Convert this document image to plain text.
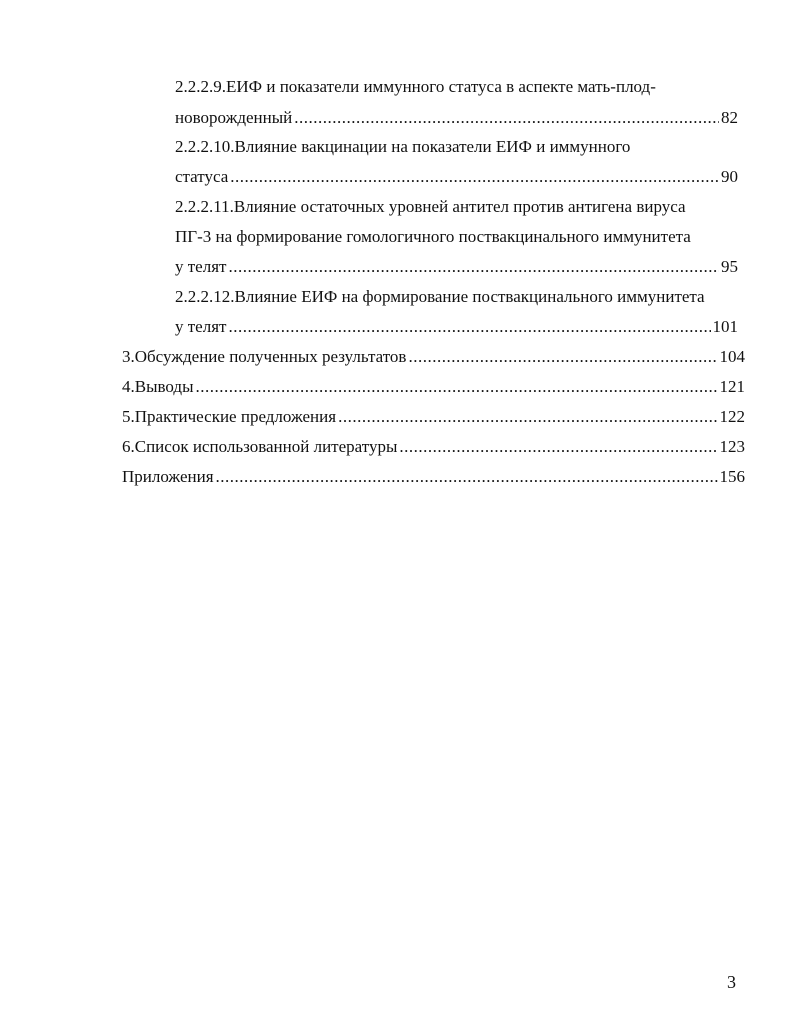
2.2.2.9.ЕИФ и показатели иммунного статуса в аспекте мать-плод-
новорожденный .....	82
2.2.2.10.Влияние вакцинации на показатели ЕИФ и иммунного
статуса .....	90
2.2.2.11.Влияние остаточных уровней антител против антигена вируса
ПГ-3 на формирование гомологичного поствакцинального иммунитета
у телят .....	95
2.2.2.12.Влияние ЕИФ на формирование поствакцинального иммунитета
у телят .....	101
3.Обсуждение полученных результатов .....	104
4.Выводы .....	121
5.Практические предложения .....	122
6.Список использованной литературы .....	123
Приложения .....	156
3
